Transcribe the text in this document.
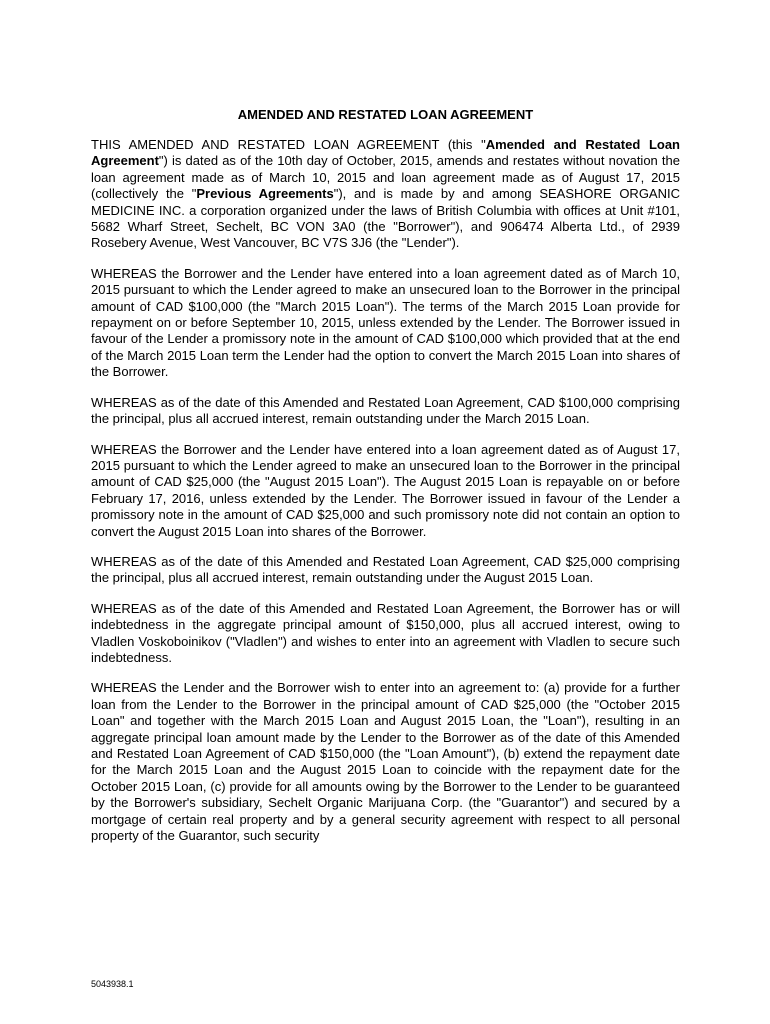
AMENDED AND RESTATED LOAN AGREEMENT
THIS AMENDED AND RESTATED LOAN AGREEMENT (this "Amended and Restated Loan Agreement") is dated as of the 10th day of October, 2015, amends and restates without novation the loan agreement made as of March 10, 2015 and loan agreement made as of August 17, 2015 (collectively the "Previous Agreements"), and is made by and among SEASHORE ORGANIC MEDICINE INC. a corporation organized under the laws of British Columbia with offices at Unit #101, 5682 Wharf Street, Sechelt, BC VON 3A0 (the "Borrower"), and 906474 Alberta Ltd., of 2939 Rosebery Avenue, West Vancouver, BC V7S 3J6 (the "Lender").
WHEREAS the Borrower and the Lender have entered into a loan agreement dated as of March 10, 2015 pursuant to which the Lender agreed to make an unsecured loan to the Borrower in the principal amount of CAD $100,000 (the "March 2015 Loan"). The terms of the March 2015 Loan provide for repayment on or before September 10, 2015, unless extended by the Lender. The Borrower issued in favour of the Lender a promissory note in the amount of CAD $100,000 which provided that at the end of the March 2015 Loan term the Lender had the option to convert the March 2015 Loan into shares of the Borrower.
WHEREAS as of the date of this Amended and Restated Loan Agreement, CAD $100,000 comprising the principal, plus all accrued interest, remain outstanding under the March 2015 Loan.
WHEREAS the Borrower and the Lender have entered into a loan agreement dated as of August 17, 2015 pursuant to which the Lender agreed to make an unsecured loan to the Borrower in the principal amount of CAD $25,000 (the "August 2015 Loan"). The August 2015 Loan is repayable on or before February 17, 2016, unless extended by the Lender. The Borrower issued in favour of the Lender a promissory note in the amount of CAD $25,000 and such promissory note did not contain an option to convert the August 2015 Loan into shares of the Borrower.
WHEREAS as of the date of this Amended and Restated Loan Agreement, CAD $25,000 comprising the principal, plus all accrued interest, remain outstanding under the August 2015 Loan.
WHEREAS as of the date of this Amended and Restated Loan Agreement, the Borrower has or will indebtedness in the aggregate principal amount of $150,000, plus all accrued interest, owing to Vladlen Voskoboinikov ("Vladlen") and wishes to enter into an agreement with Vladlen to secure such indebtedness.
WHEREAS the Lender and the Borrower wish to enter into an agreement to: (a) provide for a further loan from the Lender to the Borrower in the principal amount of CAD $25,000 (the "October 2015 Loan" and together with the March 2015 Loan and August 2015 Loan, the "Loan"), resulting in an aggregate principal loan amount made by the Lender to the Borrower as of the date of this Amended and Restated Loan Agreement of CAD $150,000 (the "Loan Amount"), (b) extend the repayment date for the March 2015 Loan and the August 2015 Loan to coincide with the repayment date for the October 2015 Loan, (c) provide for all amounts owing by the Borrower to the Lender to be guaranteed by the Borrower's subsidiary, Sechelt Organic Marijuana Corp. (the "Guarantor") and secured by a mortgage of certain real property and by a general security agreement with respect to all personal property of the Guarantor, such security
5043938.1
